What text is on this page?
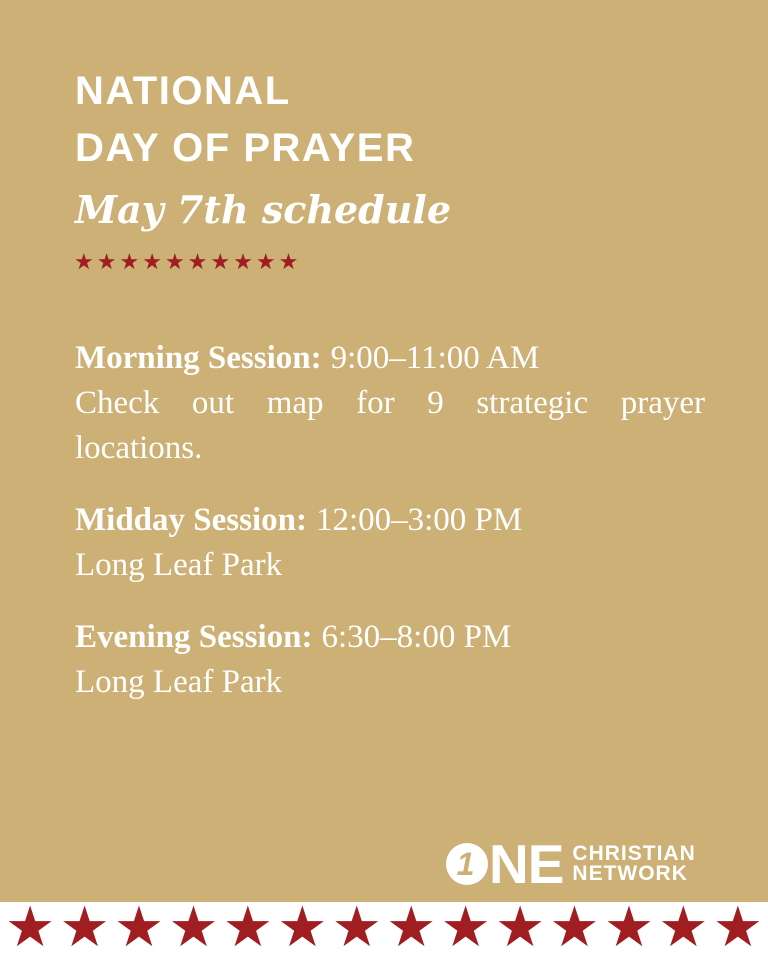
NATIONAL
DAY OF PRAYER
May 7th schedule
★ ★ ★ ★ ★ ★ ★ ★ ★ ★
Morning Session: 9:00–11:00 AM
Check out map for 9 strategic prayer
locations.
Midday Session: 12:00–3:00 PM
Long Leaf Park
Evening Session: 6:30–8:00 PM
Long Leaf Park
1 NE CHRISTIAN
NETWORK
★ ★ ★ ★ ★ ★ ★ ★ ★ ★ ★ ★ ★ ★
